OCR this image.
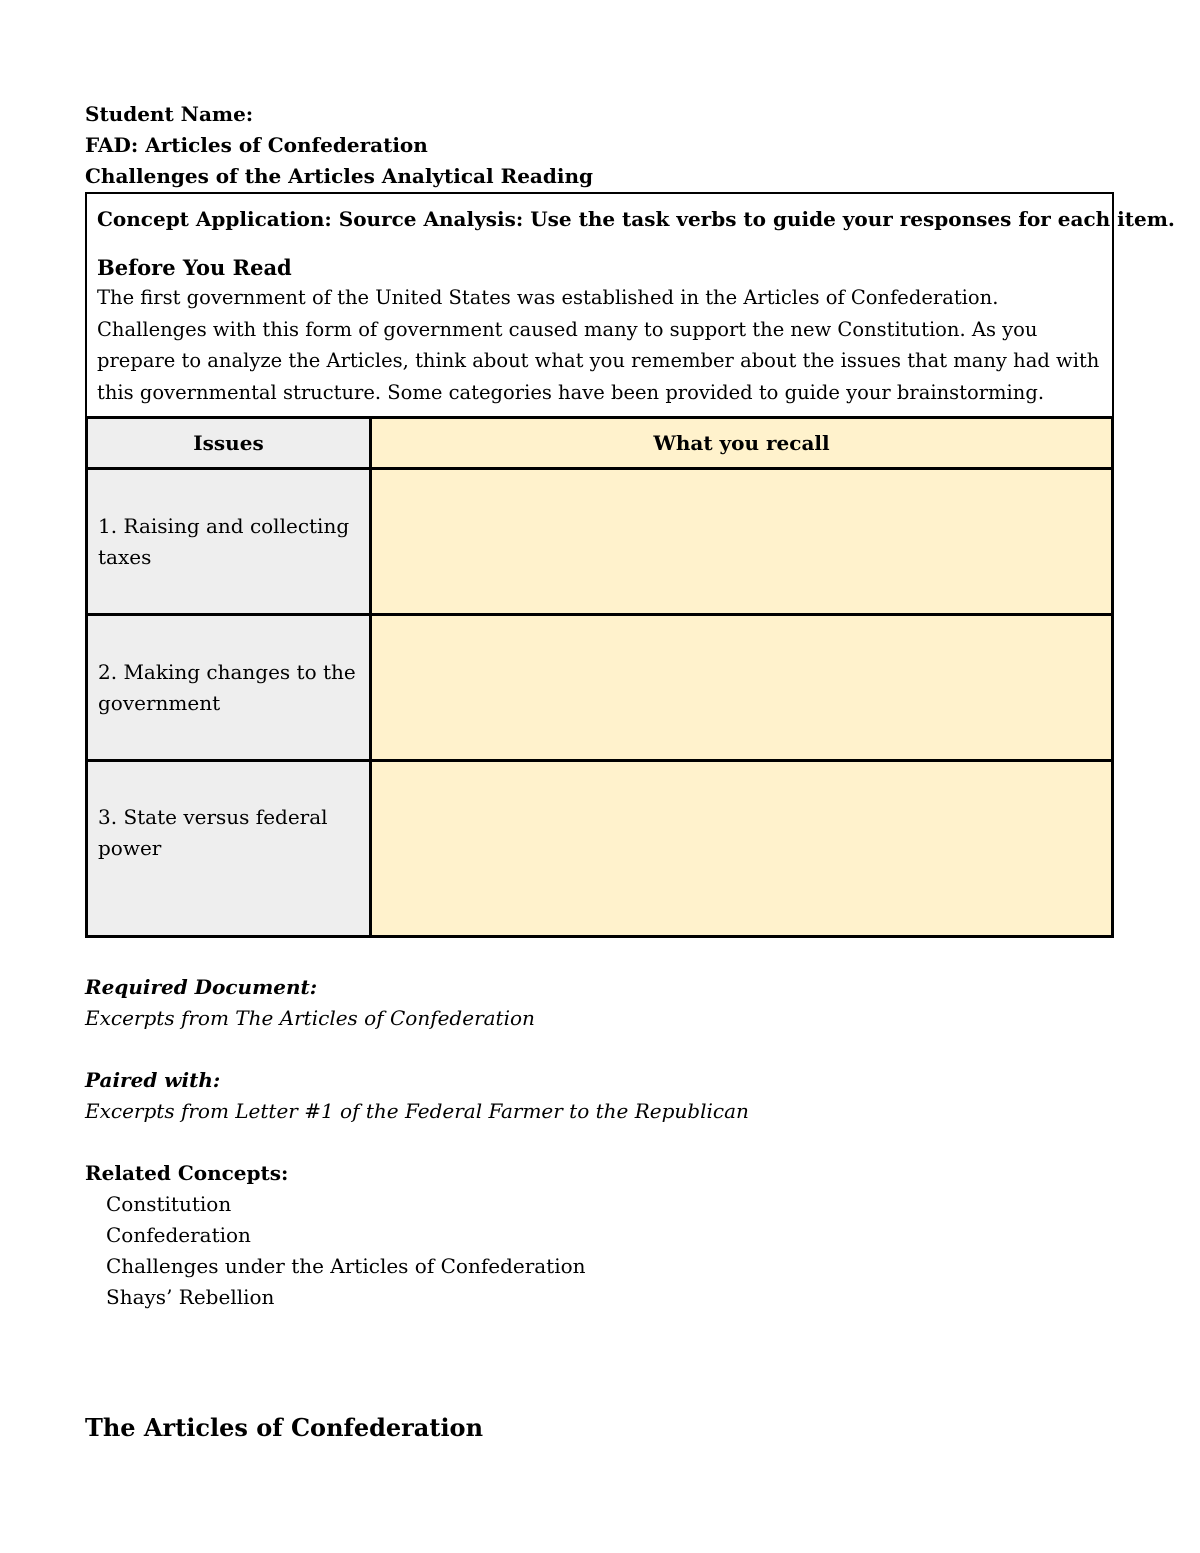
Student Name:
FAD: Articles of Confederation
Challenges of the Articles Analytical Reading
Concept Application: Source Analysis: Use the task verbs to guide your responses for each item.
Before You Read
The first government of the United States was established in the Articles of Confederation. Challenges with this form of government caused many to support the new Constitution. As you prepare to analyze the Articles, think about what you remember about the issues that many had with this governmental structure. Some categories have been provided to guide your brainstorming.
Issues	What you recall
1. Raising and collecting taxes	
2. Making changes to the government	
3. State versus federal power	
Required Document:
Excerpts from The Articles of Confederation
Paired with:
Excerpts from Letter #1 of the Federal Farmer to the Republican
Related Concepts:
Constitution
Confederation
Challenges under the Articles of Confederation
Shays’ Rebellion
The Articles of Confederation
